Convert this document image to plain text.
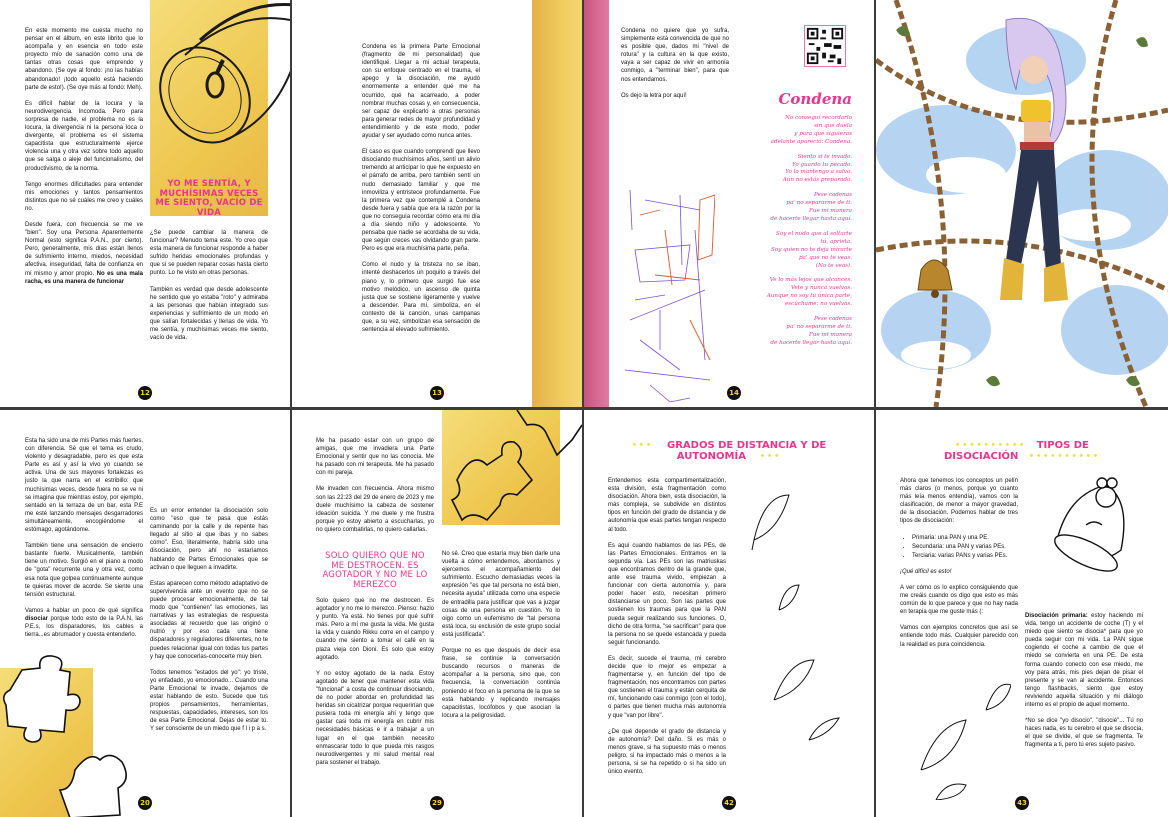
En este momento me cuesta mucho no pensar en el álbum, en este librito que lo acompaña y en esencia en todo este proyecto mío de sanación como una de tantas otras cosas que emprendo y abandono. (Se oye al fondo: ¡no las habías abandonado! ¡todo aquello está haciendo parte de esto!). (Se oye más al fondo: Meh).

Es difícil hablar de la locura y la neurodivergencia. Incomoda. Pero para sorpresa de nadie, el problema no es la locura, la divergencia ni la persona loca o divergente, el problema es el sistema capacitista que estructuralmente ejerce violencia una y otra vez sobre todo aquello que se salga o aleje del funcionalismo, del productivismo, de la norma.

Tengo enormes dificultades para entender mis emociones y tantos pensamientos distintos que no sé cuáles me creo y cuáles no.

Desde fuera, con frecuencia se me ve "bien". Soy una Persona Aparentemente Normal (esto significa P.A.N., por cierto). Pero, generalmente, mis días están llenos de sufrimiento interno, miedos, necesidad afectiva, inseguridad, falta de confianza en mí mismo y amor propio. No es una mala racha, es una manera de funcionar

YO ME SENTÍA, Y MUCHÍSIMAS VECES ME SIENTO, VACÍO DE VIDA

¿Se puede cambiar la manera de funcionar? Menudo tema este. Yo creo que esta manera de funcionar responde a haber sufrido heridas emocionales profundas y que sí se pueden reparar cosas hasta cierto punto. Lo he visto en otras personas.

También es verdad que desde adolescente he sentido que yo estaba "roto" y admiraba a las personas que habían integrado sus experiencias y sufrimiento de un modo en que salían fortalecidas y llenas de vida. Yo me sentía, y muchísimas veces me siento, vacío de vida.

12

Condena es la primera Parte Emocional (fragmento de mi personalidad) que identifiqué. Llegar a mi actual terapeuta, con su enfoque centrado en el trauma, el apego y la disociación, me ayudó enormemente a entender qué me ha ocurrido, qué ha acarreado, a poder nombrar muchas cosas y, en consecuencia, ser capaz de explicarlo a otras personas para generar redes de mayor profundidad y entendimiento y de este modo, poder ayudar y ser ayudado como nunca antes.

El caso es que cuando comprendí que llevo disociando muchísimos años, sentí un alivio tremendo al anticipar lo que he expuesto en el párrafo de arriba, pero también sentí un nudo demasiado familiar y que me inmoviliza y entristece profundamente. Fue la primera vez que contemplé a Condena desde fuera y sabía que era la razón por la que no conseguía recordar cómo era mi día a día siendo niño y adolescente. Yo pensaba que nadie se acordaba de su vida, que según creces vas olvidando gran parte. Pero es que era muchísima parte, peña.

Como el nudo y la tristeza no se iban, intenté deshacerlos un poquito a través del piano y, lo primero que surgió fue ese motivo melódico, un ascenso de quinta justa que se sostiene ligeramente y vuelve a descender. Para mí, simboliza, en el contexto de la canción, unas campanas que, a su vez, simbolizan esa sensación de sentencia al elevado sufrimiento.

13

Condena no quiere que yo sufra, simplemente está convencida de que no es posible que, dados mi "nivel de rotura" y la cultura en la que existo, vaya a ser capaz de vivir en armonía conmigo, a "terminar bien", para que nos entendamos.

Os dejo la letra por aquí!	Condena
No conseguí recordarlo
sin que duela
y para que siguieras
adelante apareció: Condena.
Siento si te invado.
Yo guardo tu pecado.
Yo lo mantengo a salvo.
Aún no estás preparado.
Pese cadenas
pa' no separarme de ti.
Fue mi manera
de hacerte llegar hasta aquí.
Soy el nudo que al soltarte
tú, aprieta.
Soy quien no te deja mirarte
pa' que no te veas.
(No te veas).
Ve lo más lejos que alcances.
Vete y nunca vuelvas.
Aunque no soy tu única parte,
escúchame: no vuelvas.
Pese cadenas
pa' no separarme de ti.
Fue mi manera
de hacerte llegar hasta aquí.
14

Esta ha sido una de mis Partes más fuertes, con diferencia. Sé que el tema es crudo, violento y desagradable, pero es que esta Parte es así y así la vivo yo cuando se activa. Una de sus mayores fortalezas es justo la que narra en el estribillo: que muchísimas veces, desde fuera no se ve ni se imagina que mientras estoy, por ejemplo, sentado en la terraza de un bar, esta P.E me esté lanzando mensajes desgarradores simultáneamente, encogiéndome el estómago, agotándome.

También tiene una sensación de encierro bastante fuerte. Musicalmente, también tiene un motivo. Surgió en el piano a modo de "gota" recurrente una y otra vez, como esa nota que golpea continuamente aunque te quieras mover de acorde. Se siente una tensión estructural.

Vamos a hablar un poco de qué significa disociar porque todo esto de la P.A.N, las P.E.s, los disparadores, los cables a tierra...es abrumador y cuesta entenderlo.

Es un error entender la disociación solo como "eso que te pasa que estás caminando por la calle y de repente has llegado al sitio al que ibas y no sabes cómo". Eso, literalmente, habría sido una disociación, pero ahí no estaríamos hablando de Partes Emocionales que se activan o que lleguen a invadirte.

Estas aparecen como método adaptativo de supervivencia ante un evento que no se puede procesar emocionalmente, de tal modo que "contienen" las emociones, las narrativas y las estrategias de respuesta asociadas al recuerdo que las originó o nutrió y por eso cada una tiene disparadores y reguladores diferentes, no te puedes relacionar igual con todas tus partes y hay que conocerlas-conocerte muy bien.

Todos tenemos "estados del yo": yo triste, yo enfadado, yo emocionado... Cuando una Parte Emocional te invade, dejamos de estar hablando de esto. Sucede que tus propios pensamientos, herramientas, respuestas, capacidades, intereses, son los de esa Parte Emocional. Dejas de estar tú. Y ser consciente de un miedo que f l i p a s.

20

Me ha pasado estar con un grupo de amigas, que me invadiera una Parte Emocional y sentir que no las conocía. Me ha pasado con mi terapeuta. Me ha pasado con mi pareja.

Me invaden con frecuencia. Ahora mismo son las 22:23 del 29 de enero de 2023 y me duele muchísimo la cabeza de sostener ideación suicida. Y me duele y me frustra porque yo estoy abierto a escucharlas, yo no quiero combatirlas, no quiero callarlas.

SOLO QUIERO QUE NO ME DESTROCEN. ES AGOTADOR Y NO ME LO MEREZCO

Solo quiero que no me destrocen. Es agotador y no me lo merezco. Pienso: hazlo y punto. Ya está. No tienes por qué sufrir más. Pero a mí me gusta la vida. Me gusta la vida y cuando Rikku corre en el campo y cuando me siento a tomar el café en la plaza vieja con Dioni. Es solo que estoy agotado.

Y no estoy agotado de la nada. Estoy agotado de tener que mantener esta vida "funcional" a costa de continuar disociando, de no poder abordar en profundidad las heridas sin cicatrizar porque requerirían que pusiera toda mi energía ahí y tengo que gastar casi toda mi energía en cubrir mis necesidades básicas e ir a trabajar a un lugar en el que también necesito enmascarar todo lo que pueda mis rasgos neurodivergentes y mi salud mental real para sostener el trabajo.

No sé. Creo que estaría muy bien darle una vuelta a cómo entendemos, abordamos y ejercemos el acompañamiento del sufrimiento. Escucho demasiadas veces la expresión "es que tal persona no está bien, necesita ayuda" utilizada como una especie de entradilla para justificar que vas a juzgar cosas de una persona en cuestión. Yo lo oigo como un eufemismo de "tal persona está loca, su exclusión de este grupo social está justificada".

Porque no es que después de decir esa frase, se continúe la conversación buscando recursos o maneras de acompañar a la persona, sino que, con frecuencia, la conversación continúa poniendo el foco en la persona de la que se está hablando y replicando mensajes capacitistas, locófobos y que asocian la locura a la peligrosidad.

29
••• GRADOS DE DISTANCIA Y DE AUTONOMÍA •••

Entendemos esta compartimentalización, esta división, esta fragmentación como disociación. Ahora bien, esta disociación, la más compleja, se subdivide en distintos tipos en función del grado de distancia y de autonomía que esas partes tengan respecto al todo.

Es aquí cuando hablamos de las PEs, de las Partes Emocionales. Entramos en la segunda vía. Las PEs son las matriuskas que encontramos dentro de la grande que, ante ese trauma vivido, empiezan a funcionar con cierta autonomía y, para poder hacer esto, necesitan primero distanciarse un poco. Son las partes que sostienen los traumas para que la PAN pueda seguir realizando sus funciones. O, dicho de otra forma, "se sacrifican" para que la persona no se quede estancada y pueda seguir funcionando.

Es decir, sucede el trauma, mi cerebro decide que lo mejor es empezar a fragmentarse y, en función del tipo de fragmentación, nos encontramos con partes que sostienen el trauma y están cerquita de mí, funcionando casi conmigo (con el todo), o partes que tienen mucha más autonomía y que "van por libre".

¿De qué depende el grado de distancia y de autonomía? Del daño. Si es más o menos grave, si ha supuesto más o menos peligro, si ha impactado más o menos a la persona, si se ha repetido o si ha sido un único evento.

42
•••••••••• TIPOS DE DISOCIACIÓN ••••••••••

Ahora que tenemos los conceptos un pelín más claros (o menos, porque yo cuanto más leía menos entendía), vamos con la clasificación, de menor a mayor gravedad, de la disociación. Podemos hablar de tres tipos de disociación:

• Primaria: una PAN y una PE.
• Secundaria: una PAN y varias PEs.
• Terciaria: varias PANs y varias PEs.

¡Qué difícil es esto!

A ver cómo os lo explico consiguiendo que me creáis cuando os digo que esto es más común de lo que parece y que no hay nada en terapia que me guste más (:

Vamos con ejemplos concretos que así se entiende todo más. Cualquier parecido con la realidad es pura coincidencia.

Disociación primaria: estoy haciendo mi vida, tengo un accidente de coche (T) y el miedo que siento se disocia* para que yo pueda seguir con mi vida. La PAN sigue cogiendo el coche a cambio de que el miedo se convierta en una PE. De esta forma cuando conecto con ese miedo, me voy para atrás, mis pies dejan de pisar el presente y se van al accidente. Entonces tengo flashbacks, siento que estoy reviviendo aquella situación y mi diálogo interno es el propio de aquel momento.

*No se dice "yo disocio", "disocié"... Tú no haces nada, es tu cerebro el que se disocia, el que se divide, el que se fragmenta. Te fragmenta a ti, pero tú eres sujeto pasivo.

43
